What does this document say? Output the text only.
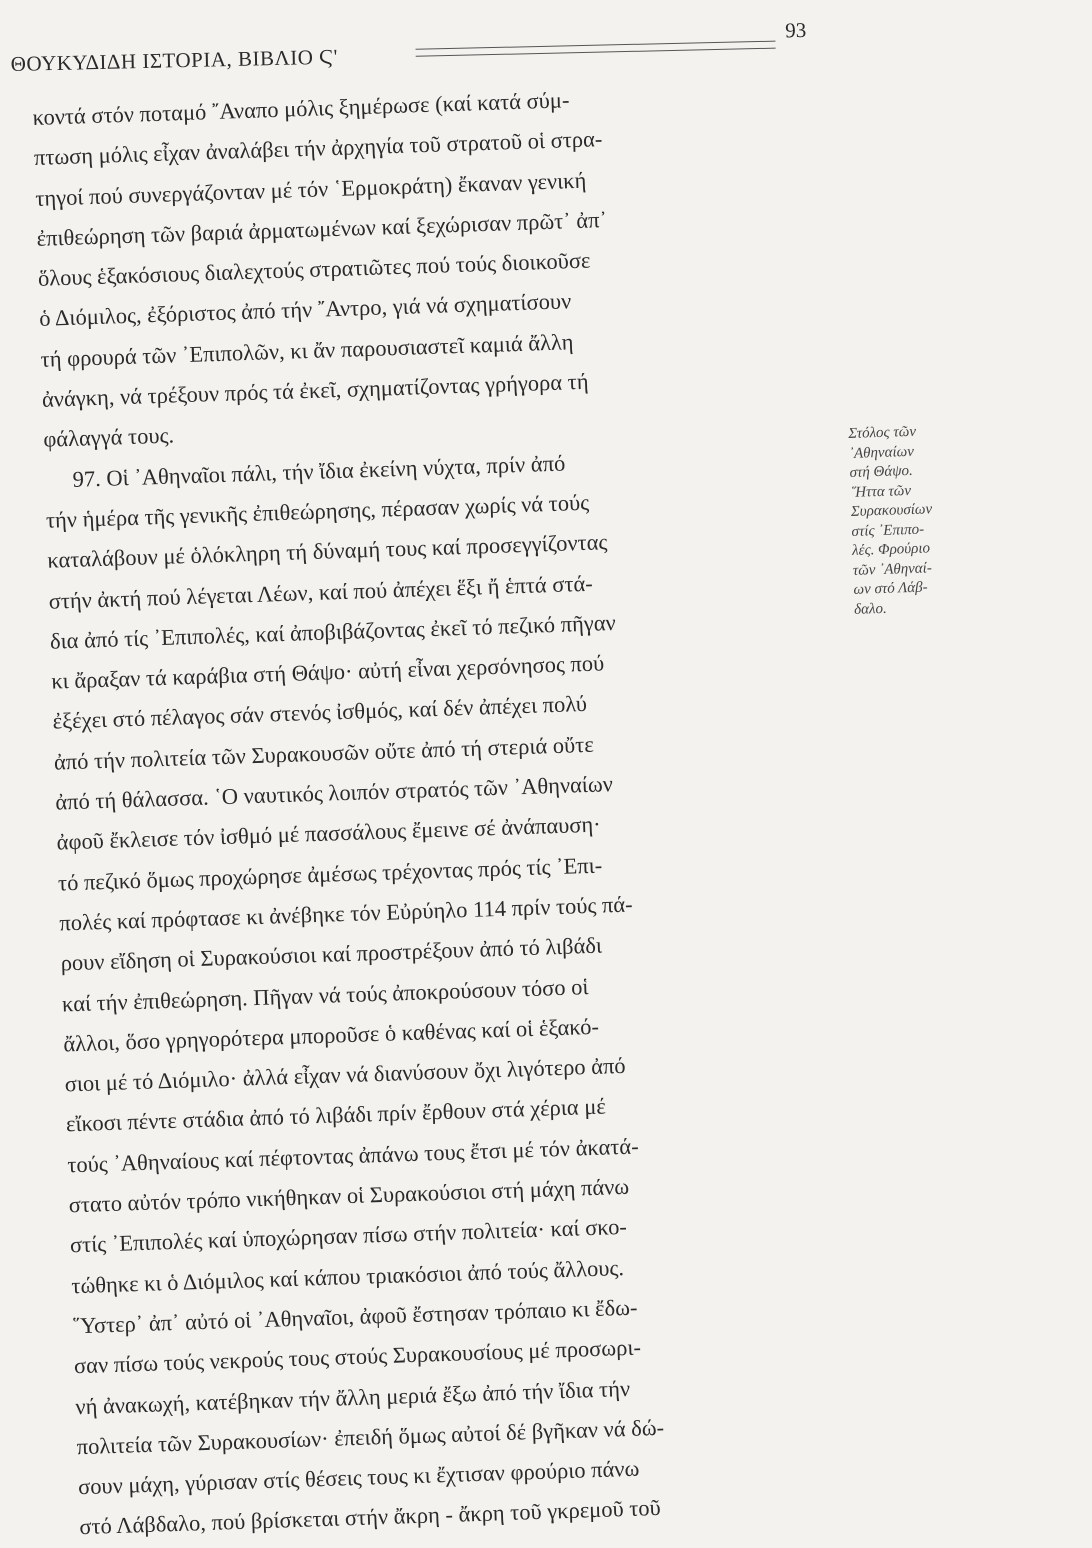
ΘΟΥΚΥΔΙΔΗ ΙΣΤΟΡΙΑ, ΒΙΒΛΙΟ Ϛ'
93
κοντά στόν ποταμό ῎Αναπο μόλις ξημέρωσε (καί κατά σύμ-
πτωση μόλις εἶχαν ἀναλάβει τήν ἀρχηγία τοῦ στρατοῦ οἱ στρα-
τηγοί πού συνεργάζονταν μέ τόν ῾Ερμοκράτη) ἔκαναν γενική
ἐπιθεώρηση τῶν βαριά ἀρματωμένων καί ξεχώρισαν πρῶτ᾽ ἀπ᾽
ὅλους ἑξακόσιους διαλεχτούς στρατιῶτες πού τούς διοικοῦσε
ὁ Διόμιλος, ἐξόριστος ἀπό τήν ῎Αντρο, γιά νά σχηματίσουν
τή φρουρά τῶν ᾿Επιπολῶν, κι ἄν παρουσιαστεῖ καμιά ἄλλη
ἀνάγκη, νά τρέξουν πρός τά ἐκεῖ, σχηματίζοντας γρήγορα τή
φάλαγγά τους.
97. Οἱ ᾿Αθηναῖοι πάλι, τήν ἴδια ἐκείνη νύχτα, πρίν ἀπό
τήν ἡμέρα τῆς γενικῆς ἐπιθεώρησης, πέρασαν χωρίς νά τούς
καταλάβουν μέ ὁλόκληρη τή δύναμή τους καί προσεγγίζοντας
στήν ἀκτή πού λέγεται Λέων, καί πού ἀπέχει ἕξι ἤ ἑπτά στά-
δια ἀπό τίς ᾿Επιπολές, καί ἀποβιβάζοντας ἐκεῖ τό πεζικό πῆγαν
κι ἄραξαν τά καράβια στή Θάψο· αὐτή εἶναι χερσόνησος πού
ἐξέχει στό πέλαγος σάν στενός ἰσθμός, καί δέν ἀπέχει πολύ
ἀπό τήν πολιτεία τῶν Συρακουσῶν οὔτε ἀπό τή στεριά οὔτε
ἀπό τή θάλασσα. ῾Ο ναυτικός λοιπόν στρατός τῶν ᾿Αθηναίων
ἀφοῦ ἔκλεισε τόν ἰσθμό μέ πασσάλους ἔμεινε σέ ἀνάπαυση·
τό πεζικό ὅμως προχώρησε ἀμέσως τρέχοντας πρός τίς ᾿Επι-
πολές καί πρόφτασε κι ἀνέβηκε τόν Εὐρύηλο 114 πρίν τούς πά-
ρουν εἴδηση οἱ Συρακούσιοι καί προστρέξουν ἀπό τό λιβάδι
καί τήν ἐπιθεώρηση. Πῆγαν νά τούς ἀποκρούσουν τόσο οἱ
ἄλλοι, ὅσο γρηγορότερα μποροῦσε ὁ καθένας καί οἱ ἑξακό-
σιοι μέ τό Διόμιλο· ἀλλά εἶχαν νά διανύσουν ὄχι λιγότερο ἀπό
εἴκοσι πέντε στάδια ἀπό τό λιβάδι πρίν ἔρθουν στά χέρια μέ
τούς ᾿Αθηναίους καί πέφτοντας ἀπάνω τους ἔτσι μέ τόν ἀκατά-
στατο αὐτόν τρόπο νικήθηκαν οἱ Συρακούσιοι στή μάχη πάνω
στίς ᾿Επιπολές καί ὑποχώρησαν πίσω στήν πολιτεία· καί σκο-
τώθηκε κι ὁ Διόμιλος καί κάπου τριακόσιοι ἀπό τούς ἄλλους.
῞Υστερ᾽ ἀπ᾽ αὐτό οἱ ᾿Αθηναῖοι, ἀφοῦ ἔστησαν τρόπαιο κι ἔδω-
σαν πίσω τούς νεκρούς τους στούς Συρακουσίους μέ προσωρι-
νή ἀνακωχή, κατέβηκαν τήν ἄλλη μεριά ἔξω ἀπό τήν ἴδια τήν
πολιτεία τῶν Συρακουσίων· ἐπειδή ὅμως αὐτοί δέ βγῆκαν νά δώ-
σουν μάχη, γύρισαν στίς θέσεις τους κι ἔχτισαν φρούριο πάνω
στό Λάβδαλο, πού βρίσκεται στήν ἄκρη - ἄκρη τοῦ γκρεμοῦ τοῦ
Στόλος τῶν
᾿Αθηναίων
στή Θάψο.
῞Ηττα τῶν
Συρακουσίων
στίς ᾿Επιπο-
λές. Φρούριο
τῶν ᾿Αθηναί-
ων στό Λάβ-
δαλο.
